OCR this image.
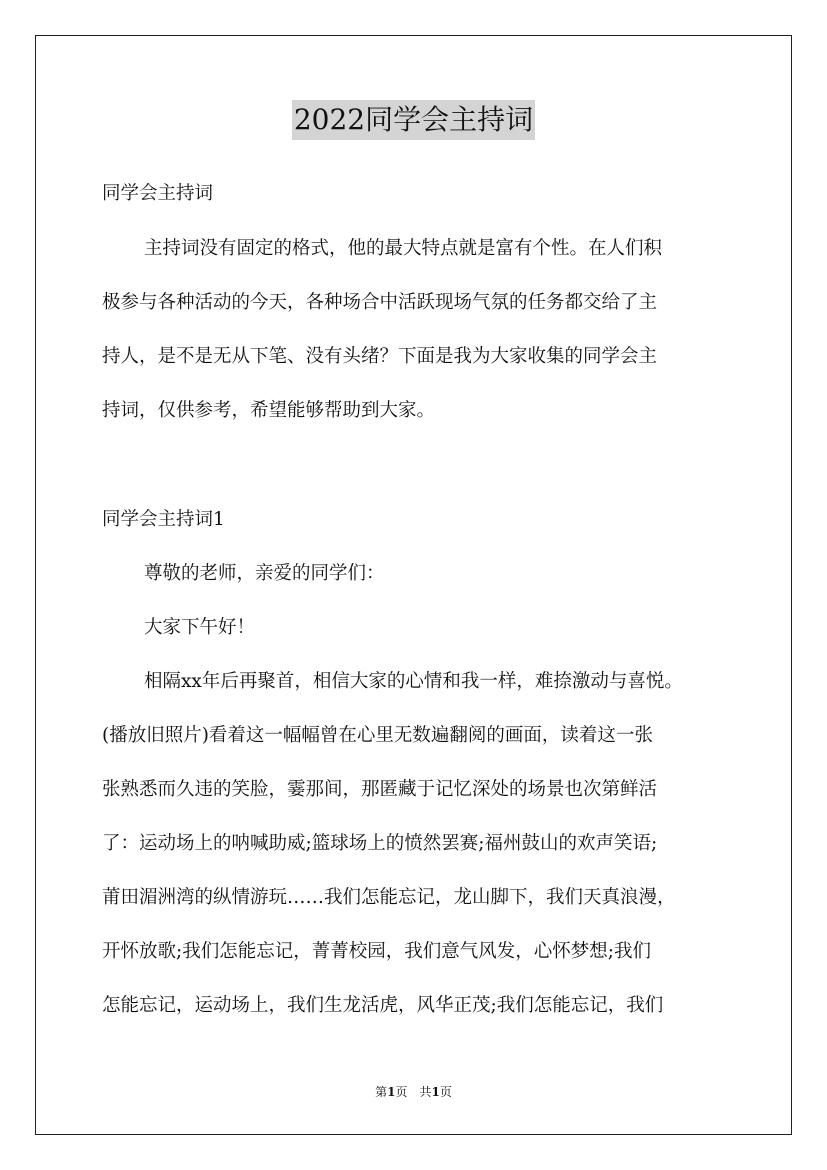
2022同学会主持词
同学会主持词
主持词没有固定的格式，他的最大特点就是富有个性。在人们积
极参与各种活动的今天，各种场合中活跃现场气氛的任务都交给了主
持人，是不是无从下笔、没有头绪？下面是我为大家收集的同学会主
持词，仅供参考，希望能够帮助到大家。
同学会主持词1
尊敬的老师，亲爱的同学们：
大家下午好！
相隔xx年后再聚首，相信大家的心情和我一样，难捺激动与喜悦。
(播放旧照片)看着这一幅幅曾在心里无数遍翻阅的画面，读着这一张
张熟悉而久违的笑脸，霎那间，那匿藏于记忆深处的场景也次第鲜活
了：运动场上的呐喊助威;篮球场上的愤然罢赛;福州鼓山的欢声笑语;
莆田湄洲湾的纵情游玩……我们怎能忘记，龙山脚下，我们天真浪漫，
开怀放歌;我们怎能忘记，菁菁校园，我们意气风发，心怀梦想;我们
怎能忘记，运动场上，我们生龙活虎，风华正茂;我们怎能忘记，我们
第1页　共1页
